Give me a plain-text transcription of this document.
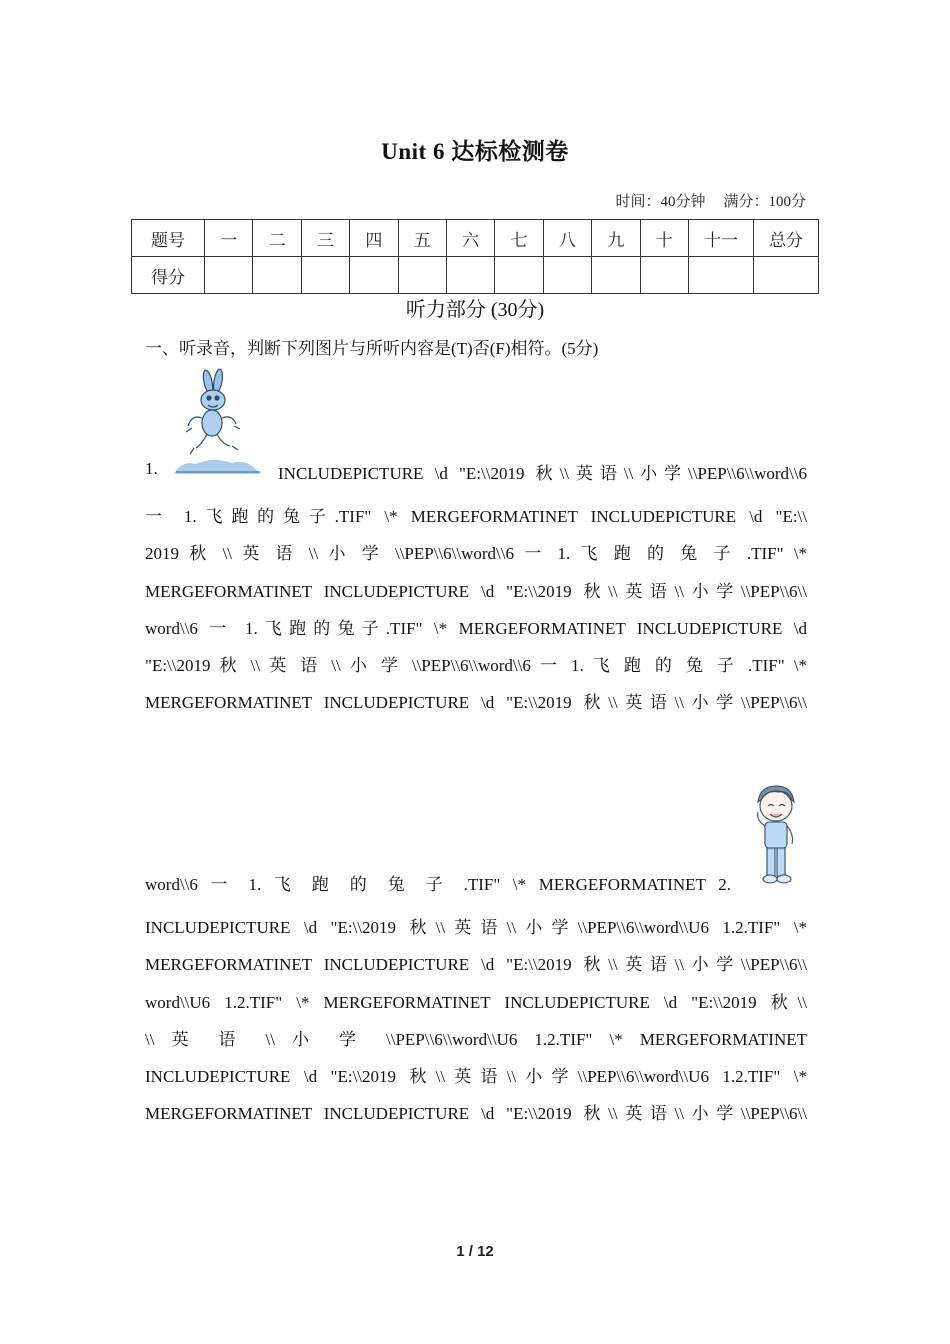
Unit 6 达标检测卷
时间：40分钟 满分：100分
题号	一	二	三	四	五	六	七	八	九	十	十一	总分
得分												
听力部分 (30分)
一、听录音，判断下列图片与所听内容是(T)否(F)相符。(5分)
1.	INCLUDEPICTURE \d "E:\\2019 秋\\英语\\小学\\PEP\\6\\word\\6
一 1.飞跑的兔子.TIF" \* MERGEFORMATINET INCLUDEPICTURE \d "E:\\
2019 秋 \\ 英 语 \\ 小 学 \\PEP\\6\\word\\6 一 1. 飞 跑 的 兔 子 .TIF" \*
MERGEFORMATINET INCLUDEPICTURE \d "E:\\2019 秋\\英语\\小学\\PEP\\6\\
word\\6 一 1.飞跑的兔子.TIF" \* MERGEFORMATINET INCLUDEPICTURE \d
"E:\\2019 秋 \\ 英 语 \\ 小 学 \\PEP\\6\\word\\6 一 1. 飞 跑 的 兔 子 .TIF" \*
MERGEFORMATINET INCLUDEPICTURE \d "E:\\2019 秋\\英语\\小学\\PEP\\6\\
word\\6 一 1. 飞 跑 的 兔 子 .TIF" \* MERGEFORMATINET 2.
INCLUDEPICTURE \d "E:\\2019 秋\\英语\\小学\\PEP\\6\\word\\U6 1.2.TIF" \*
MERGEFORMATINET INCLUDEPICTURE \d "E:\\2019 秋\\英语\\小学\\PEP\\6\\
word\\U6 1.2.TIF" \* MERGEFORMATINET INCLUDEPICTURE \d "E:\\2019 秋\\
\\ 英 语 \\ 小 学 \\PEP\\6\\word\\U6 1.2.TIF" \* MERGEFORMATINET
INCLUDEPICTURE \d "E:\\2019 秋\\英语\\小学\\PEP\\6\\word\\U6 1.2.TIF" \*
MERGEFORMATINET INCLUDEPICTURE \d "E:\\2019 秋\\英语\\小学\\PEP\\6\\
1 / 12
